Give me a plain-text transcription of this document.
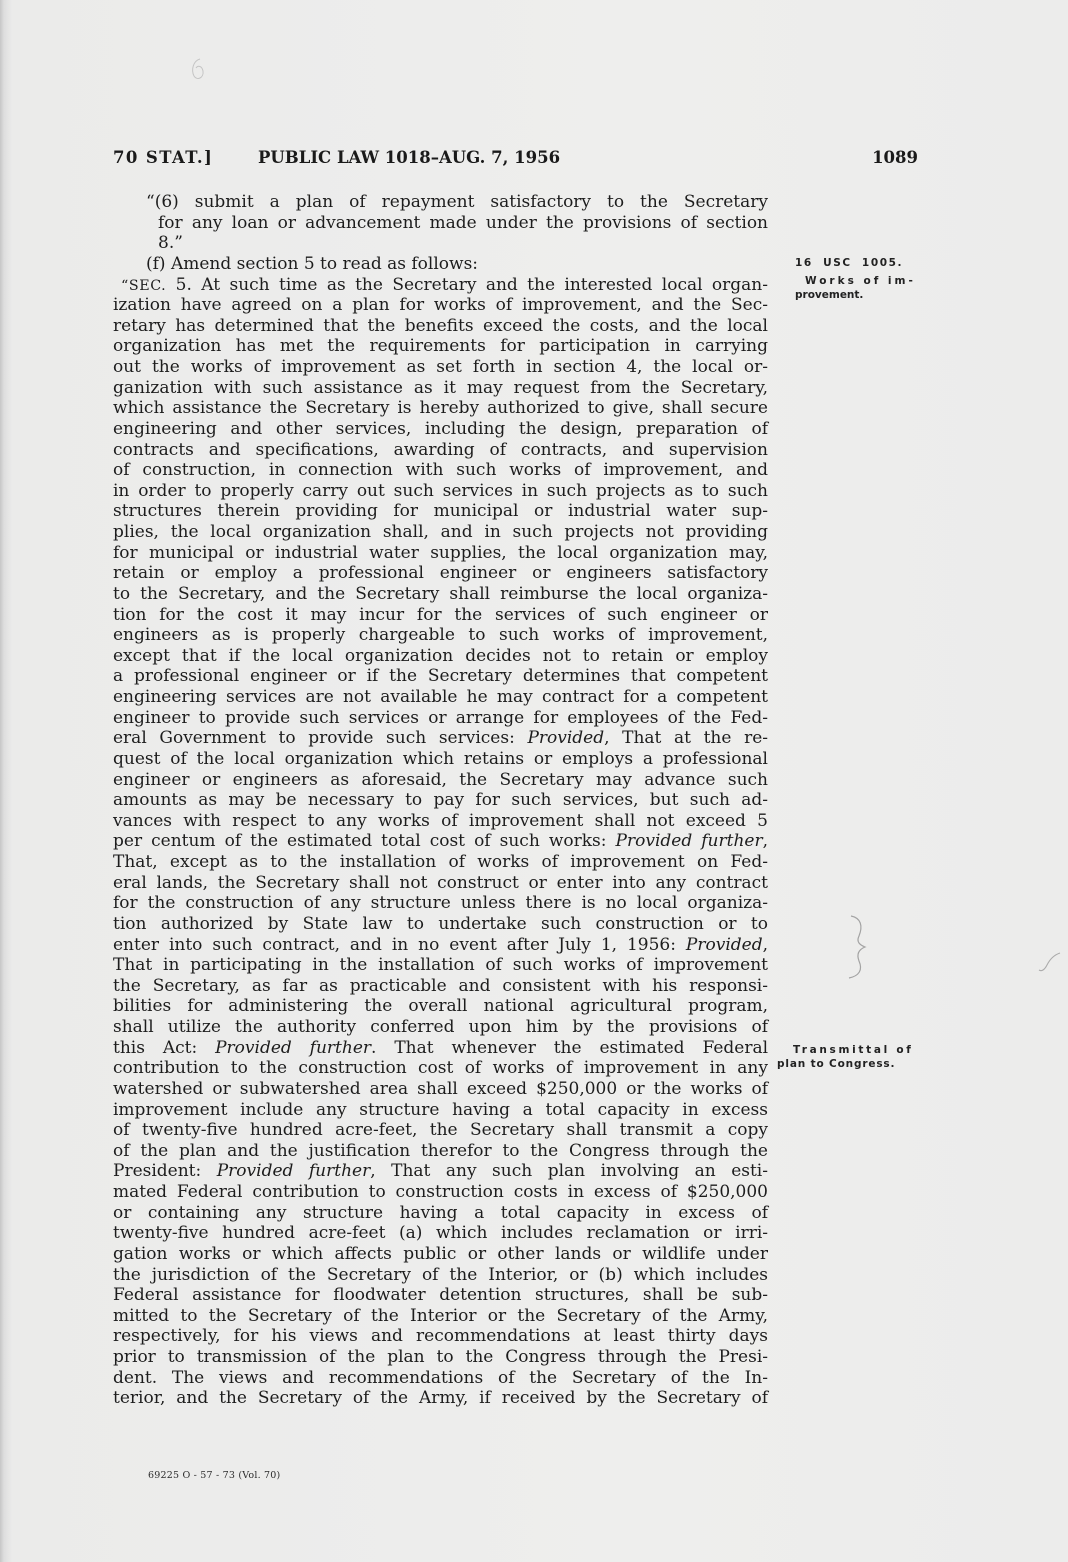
70 STAT.]	PUBLIC LAW 1018–AUG. 7, 1956	1089
“(6) submit a plan of repayment satisfactory to the Secretary
for any loan or advancement made under the provisions of section
8.”
(f) Amend section 5 to read as follows:
“SEC. 5. At such time as the Secretary and the interested local organ-
ization have agreed on a plan for works of improvement, and the Sec-
retary has determined that the benefits exceed the costs, and the local
organization has met the requirements for participation in carrying
out the works of improvement as set forth in section 4, the local or-
ganization with such assistance as it may request from the Secretary,
which assistance the Secretary is hereby authorized to give, shall secure
engineering and other services, including the design, preparation of
contracts and specifications, awarding of contracts, and supervision
of construction, in connection with such works of improvement, and
in order to properly carry out such services in such projects as to such
structures therein providing for municipal or industrial water sup-
plies, the local organization shall, and in such projects not providing
for municipal or industrial water supplies, the local organization may,
retain or employ a professional engineer or engineers satisfactory
to the Secretary, and the Secretary shall reimburse the local organiza-
tion for the cost it may incur for the services of such engineer or
engineers as is properly chargeable to such works of improvement,
except that if the local organization decides not to retain or employ
a professional engineer or if the Secretary determines that competent
engineering services are not available he may contract for a competent
engineer to provide such services or arrange for employees of the Fed-
eral Government to provide such services: Provided, That at the re-
quest of the local organization which retains or employs a professional
engineer or engineers as aforesaid, the Secretary may advance such
amounts as may be necessary to pay for such services, but such ad-
vances with respect to any works of improvement shall not exceed 5
per centum of the estimated total cost of such works: Provided further,
That, except as to the installation of works of improvement on Fed-
eral lands, the Secretary shall not construct or enter into any contract
for the construction of any structure unless there is no local organiza-
tion authorized by State law to undertake such construction or to
enter into such contract, and in no event after July 1, 1956: Provided,
That in participating in the installation of such works of improvement
the Secretary, as far as practicable and consistent with his responsi-
bilities for administering the overall national agricultural program,
shall utilize the authority conferred upon him by the provisions of
this Act: Provided further. That whenever the estimated Federal
contribution to the construction cost of works of improvement in any
watershed or subwatershed area shall exceed $250,000 or the works of
improvement include any structure having a total capacity in excess
of twenty-five hundred acre-feet, the Secretary shall transmit a copy
of the plan and the justification therefor to the Congress through the
President: Provided further, That any such plan involving an esti-
mated Federal contribution to construction costs in excess of $250,000
or containing any structure having a total capacity in excess of
twenty-five hundred acre-feet (a) which includes reclamation or irri-
gation works or which affects public or other lands or wildlife under
the jurisdiction of the Secretary of the Interior, or (b) which includes
Federal assistance for floodwater detention structures, shall be sub-
mitted to the Secretary of the Interior or the Secretary of the Army,
respectively, for his views and recommendations at least thirty days
prior to transmission of the plan to the Congress through the Presi-
dent. The views and recommendations of the Secretary of the In-
terior, and the Secretary of the Army, if received by the Secretary of
16 USC 1005.
Works of im-
provement.
Transmittal of
plan to Congress.
69225 O - 57 - 73 (Vol. 70)
